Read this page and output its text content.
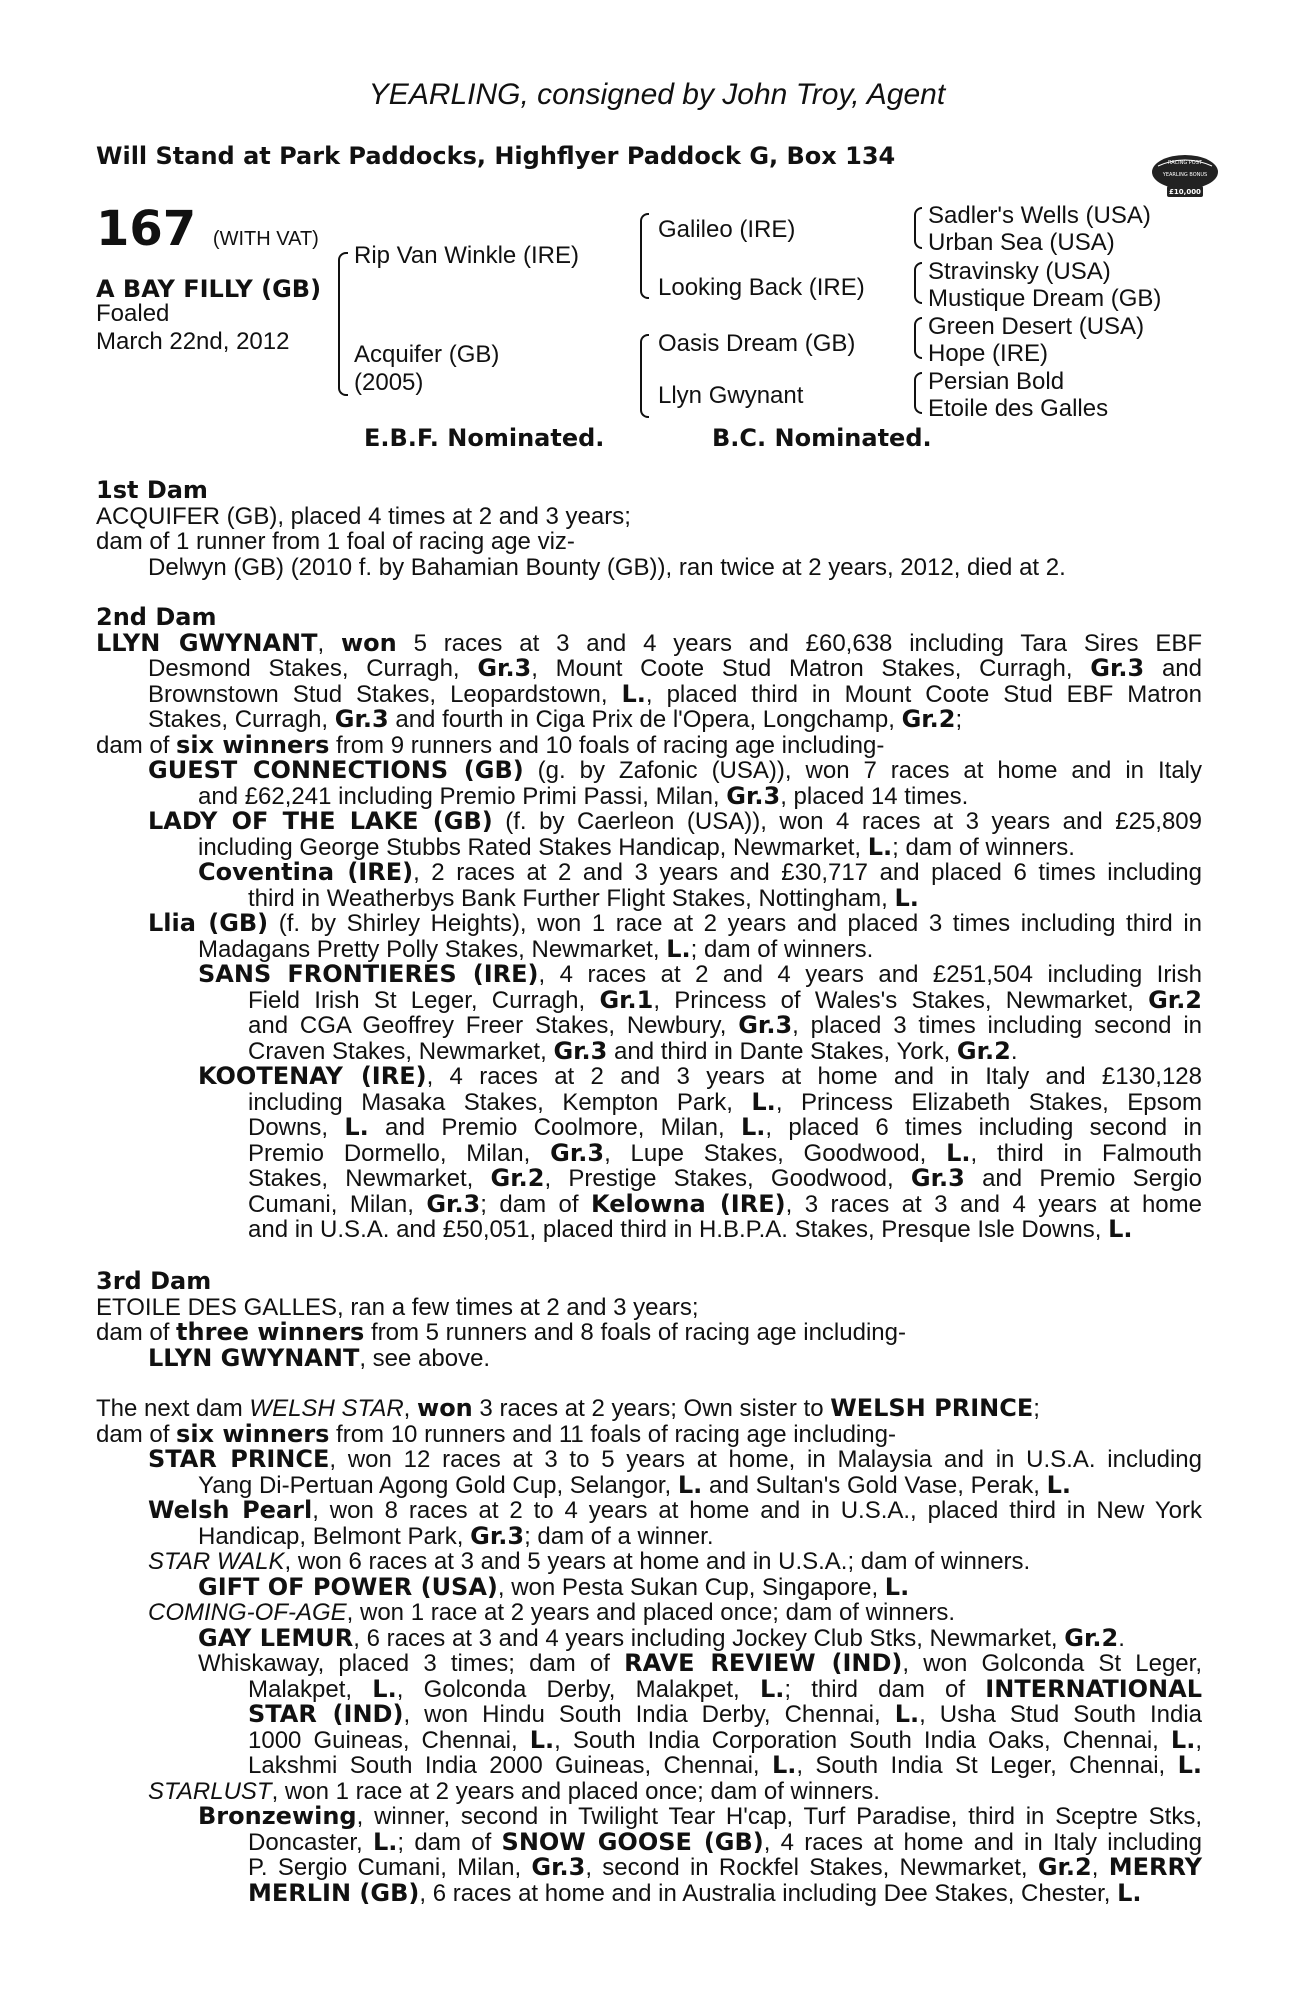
YEARLING, consigned by John Troy, Agent
Will Stand at Park Paddocks, Highflyer Paddock G, Box 134	RACING POST
YEARLING BONUS
£10,000
167 (WITH VAT)
A BAY FILLY (GB)
Foaled
March 22nd, 2012
Rip Van Winkle (IRE)
Acquifer (GB)
(2005)
Galileo (IRE)
Looking Back (IRE)
Oasis Dream (GB)
Llyn Gwynant
Sadler's Wells (USA)
Urban Sea (USA)
Stravinsky (USA)
Mustique Dream (GB)
Green Desert (USA)
Hope (IRE)
Persian Bold
Etoile des Galles
E.B.F. Nominated.	B.C. Nominated.
1st Dam
ACQUIFER (GB), placed 4 times at 2 and 3 years;
dam of 1 runner from 1 foal of racing age viz-
Delwyn (GB) (2010 f. by Bahamian Bounty (GB)), ran twice at 2 years, 2012, died at 2.
2nd Dam
LLYN GWYNANT, won 5 races at 3 and 4 years and £60,638 including Tara Sires EBF
Desmond Stakes, Curragh, Gr.3, Mount Coote Stud Matron Stakes, Curragh, Gr.3 and
Brownstown Stud Stakes, Leopardstown, L., placed third in Mount Coote Stud EBF Matron
Stakes, Curragh, Gr.3 and fourth in Ciga Prix de l'Opera, Longchamp, Gr.2;
dam of six winners from 9 runners and 10 foals of racing age including-
GUEST CONNECTIONS (GB) (g. by Zafonic (USA)), won 7 races at home and in Italy
and £62,241 including Premio Primi Passi, Milan, Gr.3, placed 14 times.
LADY OF THE LAKE (GB) (f. by Caerleon (USA)), won 4 races at 3 years and £25,809
including George Stubbs Rated Stakes Handicap, Newmarket, L.; dam of winners.
Coventina (IRE), 2 races at 2 and 3 years and £30,717 and placed 6 times including
third in Weatherbys Bank Further Flight Stakes, Nottingham, L.
Llia (GB) (f. by Shirley Heights), won 1 race at 2 years and placed 3 times including third in
Madagans Pretty Polly Stakes, Newmarket, L.; dam of winners.
SANS FRONTIERES (IRE), 4 races at 2 and 4 years and £251,504 including Irish
Field Irish St Leger, Curragh, Gr.1, Princess of Wales's Stakes, Newmarket, Gr.2
and CGA Geoffrey Freer Stakes, Newbury, Gr.3, placed 3 times including second in
Craven Stakes, Newmarket, Gr.3 and third in Dante Stakes, York, Gr.2.
KOOTENAY (IRE), 4 races at 2 and 3 years at home and in Italy and £130,128
including Masaka Stakes, Kempton Park, L., Princess Elizabeth Stakes, Epsom
Downs, L. and Premio Coolmore, Milan, L., placed 6 times including second in
Premio Dormello, Milan, Gr.3, Lupe Stakes, Goodwood, L., third in Falmouth
Stakes, Newmarket, Gr.2, Prestige Stakes, Goodwood, Gr.3 and Premio Sergio
Cumani, Milan, Gr.3; dam of Kelowna (IRE), 3 races at 3 and 4 years at home
and in U.S.A. and £50,051, placed third in H.B.P.A. Stakes, Presque Isle Downs, L.
3rd Dam
ETOILE DES GALLES, ran a few times at 2 and 3 years;
dam of three winners from 5 runners and 8 foals of racing age including-
LLYN GWYNANT, see above.
The next dam WELSH STAR, won 3 races at 2 years; Own sister to WELSH PRINCE;
dam of six winners from 10 runners and 11 foals of racing age including-
STAR PRINCE, won 12 races at 3 to 5 years at home, in Malaysia and in U.S.A. including
Yang Di-Pertuan Agong Gold Cup, Selangor, L. and Sultan's Gold Vase, Perak, L.
Welsh Pearl, won 8 races at 2 to 4 years at home and in U.S.A., placed third in New York
Handicap, Belmont Park, Gr.3; dam of a winner.
STAR WALK, won 6 races at 3 and 5 years at home and in U.S.A.; dam of winners.
GIFT OF POWER (USA), won Pesta Sukan Cup, Singapore, L.
COMING-OF-AGE, won 1 race at 2 years and placed once; dam of winners.
GAY LEMUR, 6 races at 3 and 4 years including Jockey Club Stks, Newmarket, Gr.2.
Whiskaway, placed 3 times; dam of RAVE REVIEW (IND), won Golconda St Leger,
Malakpet, L., Golconda Derby, Malakpet, L.; third dam of INTERNATIONAL
STAR (IND), won Hindu South India Derby, Chennai, L., Usha Stud South India
1000 Guineas, Chennai, L., South India Corporation South India Oaks, Chennai, L.,
Lakshmi South India 2000 Guineas, Chennai, L., South India St Leger, Chennai, L.
STARLUST, won 1 race at 2 years and placed once; dam of winners.
Bronzewing, winner, second in Twilight Tear H'cap, Turf Paradise, third in Sceptre Stks,
Doncaster, L.; dam of SNOW GOOSE (GB), 4 races at home and in Italy including
P. Sergio Cumani, Milan, Gr.3, second in Rockfel Stakes, Newmarket, Gr.2, MERRY
MERLIN (GB), 6 races at home and in Australia including Dee Stakes, Chester, L.
